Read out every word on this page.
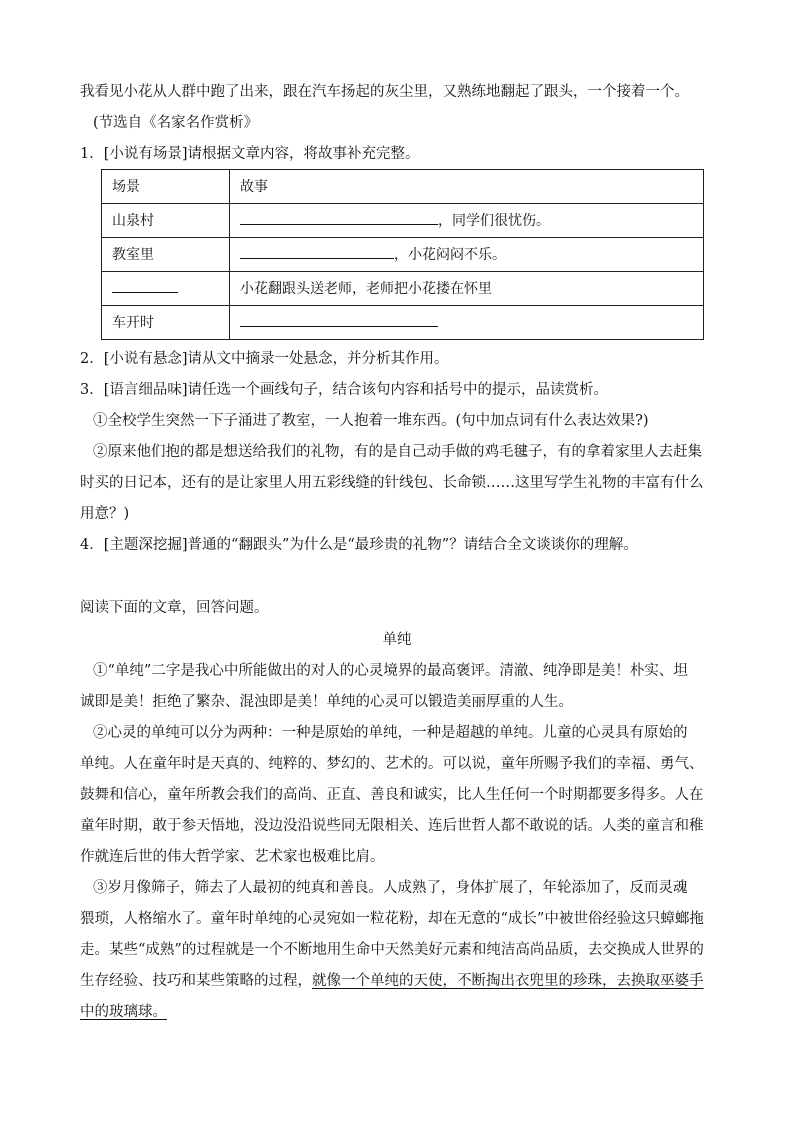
我看见小花从人群中跑了出来，跟在汽车扬起的灰尘里，又熟练地翻起了跟头，一个接着一个。
(节选自《名家名作赏析》
1．[小说有场景]请根据文章内容，将故事补充完整。
场景	故事
山泉村	，同学们很忧伤。
教室里	，小花闷闷不乐。
	小花翻跟头送老师，老师把小花搂在怀里
车开时	
2．[小说有悬念]请从文中摘录一处悬念，并分析其作用。
3．[语言细品味]请任选一个画线句子，结合该句内容和括号中的提示，品读赏析。
①全校学生突然一下子涌进了教室，一人抱着一堆东西。(句中加点词有什么表达效果?)
②原来他们抱的都是想送给我们的礼物，有的是自己动手做的鸡毛毽子，有的拿着家里人去赶集
时买的日记本，还有的是让家里人用五彩线缝的针线包、长命锁……这里写学生礼物的丰富有什么
用意？)
4．[主题深挖掘]普通的“翻跟头”为什么是“最珍贵的礼物”？请结合全文谈谈你的理解。
阅读下面的文章，回答问题。
单纯
①“单纯”二字是我心中所能做出的对人的心灵境界的最高褒评。清澈、纯净即是美！朴实、坦
诚即是美！拒绝了繁杂、混浊即是美！单纯的心灵可以锻造美丽厚重的人生。
②心灵的单纯可以分为两种：一种是原始的单纯，一种是超越的单纯。儿童的心灵具有原始的
单纯。人在童年时是天真的、纯粹的、梦幻的、艺术的。可以说，童年所赐予我们的幸福、勇气、
鼓舞和信心，童年所教会我们的高尚、正直、善良和诚实，比人生任何一个时期都要多得多。人在
童年时期，敢于参天悟地，没边没沿说些同无限相关、连后世哲人都不敢说的话。人类的童言和稚
作就连后世的伟大哲学家、艺术家也极难比肩。
③岁月像筛子，筛去了人最初的纯真和善良。人成熟了，身体扩展了，年轮添加了，反而灵魂
猥琐，人格缩水了。童年时单纯的心灵宛如一粒花粉，却在无意的“成长”中被世俗经验这只蟑螂拖
走。某些“成熟”的过程就是一个不断地用生命中天然美好元素和纯洁高尚品质，去交换成人世界的
生存经验、技巧和某些策略的过程，就像一个单纯的天使，不断掏出衣兜里的珍珠，去换取巫婆手
中的玻璃球。
